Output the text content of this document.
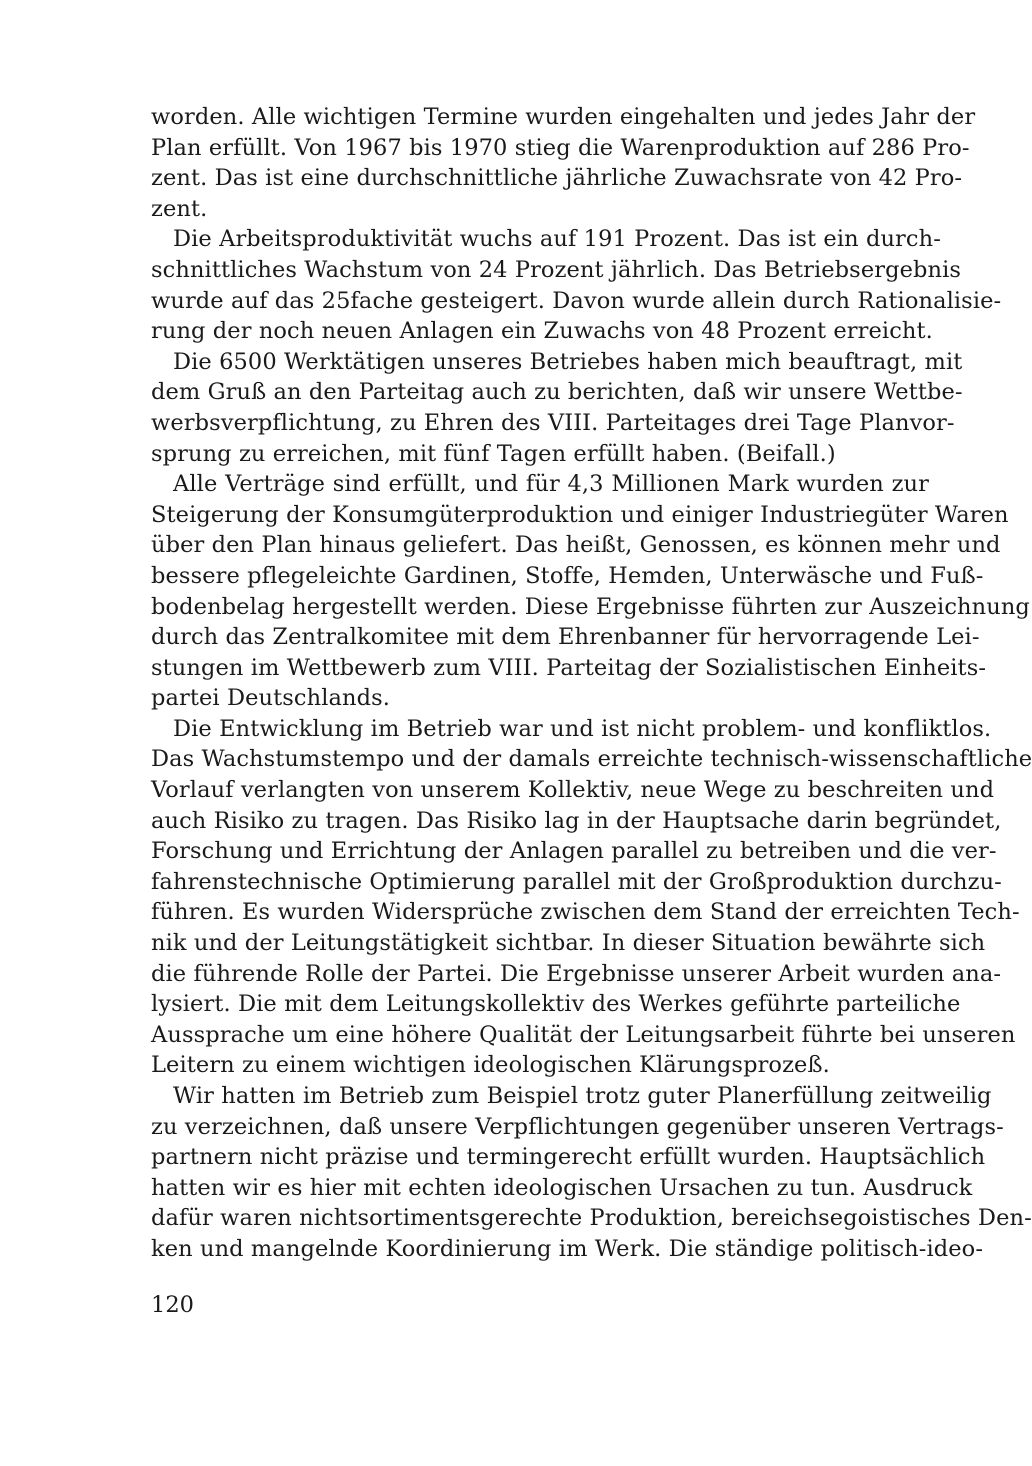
worden. Alle wichtigen Termine wurden eingehalten und jedes Jahr der
Plan erfüllt. Von 1967 bis 1970 stieg die Warenproduktion auf 286 Pro-
zent. Das ist eine durchschnittliche jährliche Zuwachsrate von 42 Pro-
zent.
Die Arbeitsproduktivität wuchs auf 191 Prozent. Das ist ein durch-
schnittliches Wachstum von 24 Prozent jährlich. Das Betriebsergebnis
wurde auf das 25fache gesteigert. Davon wurde allein durch Rationalisie-
rung der noch neuen Anlagen ein Zuwachs von 48 Prozent erreicht.
Die 6500 Werktätigen unseres Betriebes haben mich beauftragt, mit
dem Gruß an den Parteitag auch zu berichten, daß wir unsere Wettbe-
werbsverpflichtung, zu Ehren des VIII. Parteitages drei Tage Planvor-
sprung zu erreichen, mit fünf Tagen erfüllt haben. (Beifall.)
Alle Verträge sind erfüllt, und für 4,3 Millionen Mark wurden zur
Steigerung der Konsumgüterproduktion und einiger Industriegüter Waren
über den Plan hinaus geliefert. Das heißt, Genossen, es können mehr und
bessere pflegeleichte Gardinen, Stoffe, Hemden, Unterwäsche und Fuß-
bodenbelag hergestellt werden. Diese Ergebnisse führten zur Auszeichnung
durch das Zentralkomitee mit dem Ehrenbanner für hervorragende Lei-
stungen im Wettbewerb zum VIII. Parteitag der Sozialistischen Einheits-
partei Deutschlands.
Die Entwicklung im Betrieb war und ist nicht problem- und konfliktlos.
Das Wachstumstempo und der damals erreichte technisch-wissenschaftliche
Vorlauf verlangten von unserem Kollektiv, neue Wege zu beschreiten und
auch Risiko zu tragen. Das Risiko lag in der Hauptsache darin begründet,
Forschung und Errichtung der Anlagen parallel zu betreiben und die ver-
fahrenstechnische Optimierung parallel mit der Großproduktion durchzu-
führen. Es wurden Widersprüche zwischen dem Stand der erreichten Tech-
nik und der Leitungstätigkeit sichtbar. In dieser Situation bewährte sich
die führende Rolle der Partei. Die Ergebnisse unserer Arbeit wurden ana-
lysiert. Die mit dem Leitungskollektiv des Werkes geführte parteiliche
Aussprache um eine höhere Qualität der Leitungsarbeit führte bei unseren
Leitern zu einem wichtigen ideologischen Klärungsprozeß.
Wir hatten im Betrieb zum Beispiel trotz guter Planerfüllung zeitweilig
zu verzeichnen, daß unsere Verpflichtungen gegenüber unseren Vertrags-
partnern nicht präzise und termingerecht erfüllt wurden. Hauptsächlich
hatten wir es hier mit echten ideologischen Ursachen zu tun. Ausdruck
dafür waren nichtsortimentsgerechte Produktion, bereichsegoistisches Den-
ken und mangelnde Koordinierung im Werk. Die ständige politisch-ideo-
120
